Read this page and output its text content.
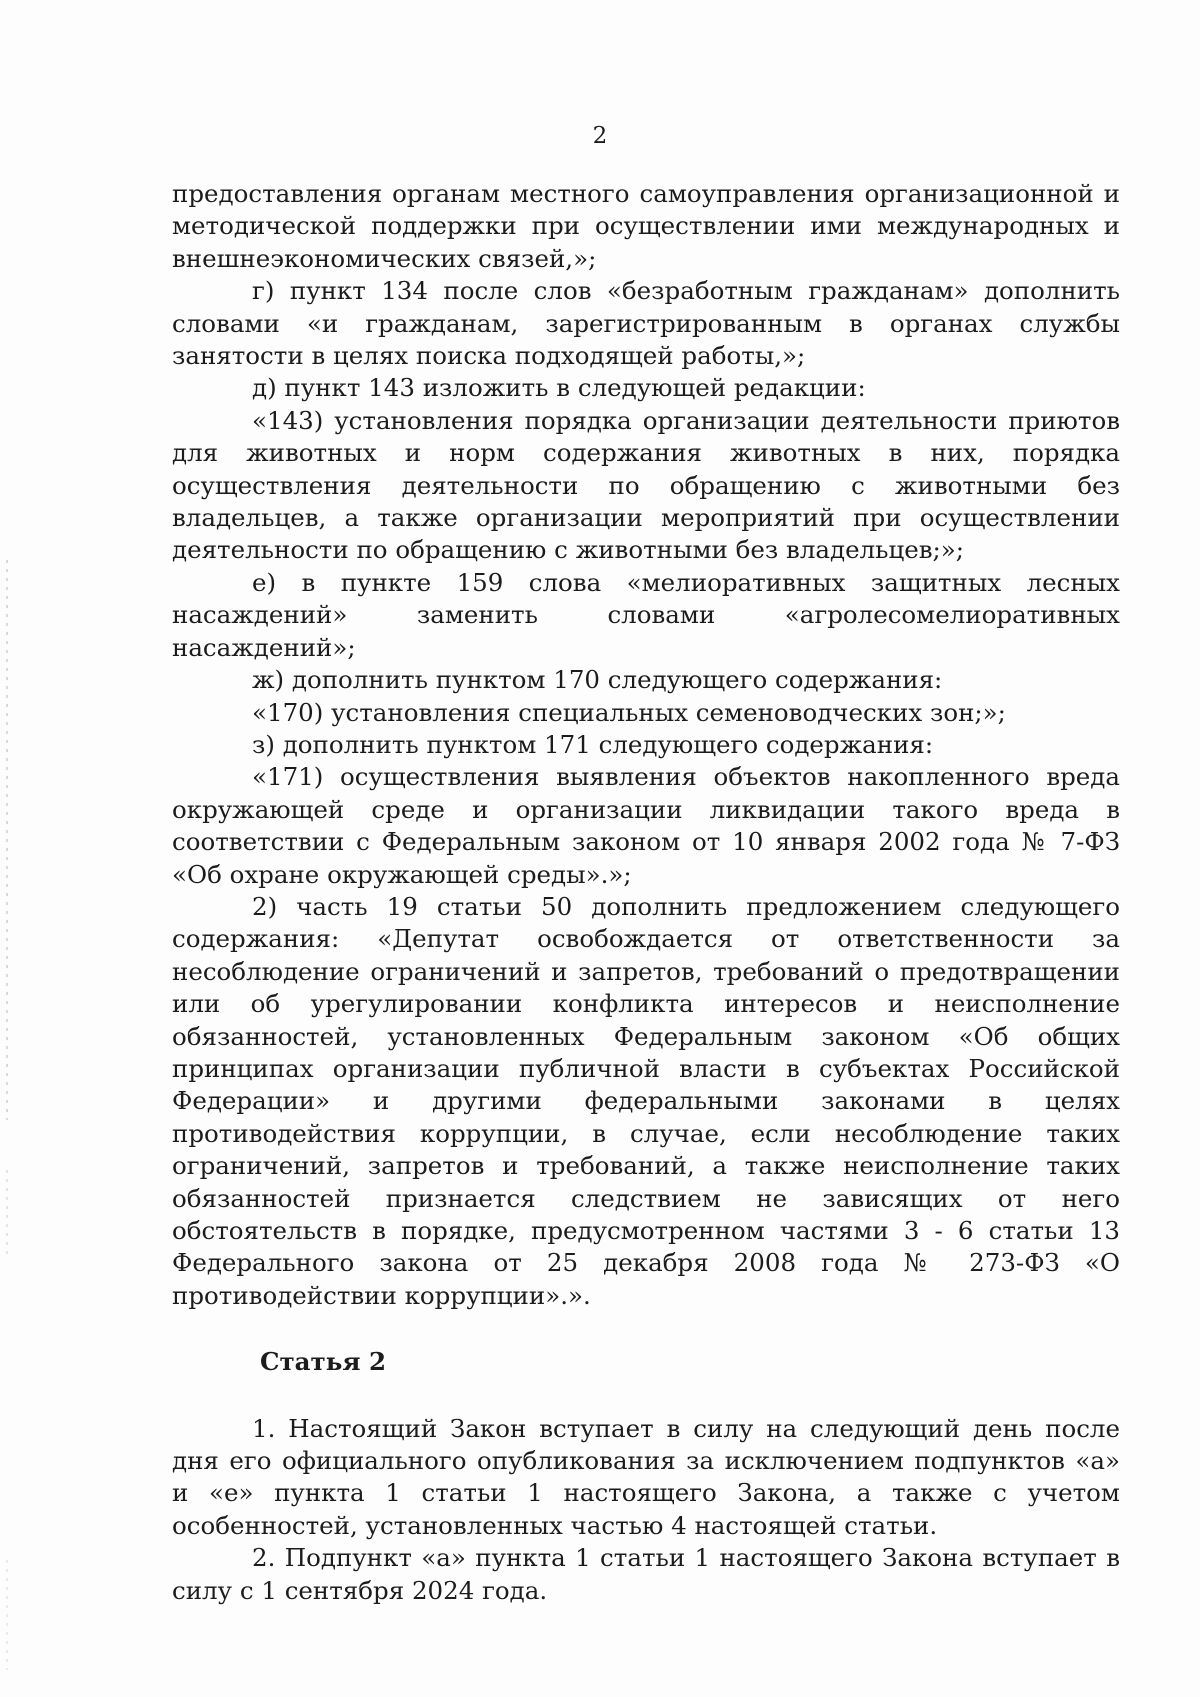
2

предоставления органам местного самоуправления организационной и методической поддержки при осуществлении ими международных и внешнеэкономических связей,»;

г) пункт 134 после слов «безработным гражданам» дополнить словами «и гражданам, зарегистрированным в органах службы занятости в целях поиска подходящей работы,»;

д) пункт 143 изложить в следующей редакции:

«143) установления порядка организации деятельности приютов для животных и норм содержания животных в них, порядка осуществления деятельности по обращению с животными без владельцев, а также организации мероприятий при осуществлении деятельности по обращению с животными без владельцев;»;

е) в пункте 159 слова «мелиоративных защитных лесных насаждений» заменить словами «агролесомелиоративных насаждений»;

ж) дополнить пунктом 170 следующего содержания:

«170) установления специальных семеноводческих зон;»;

з) дополнить пунктом 171 следующего содержания:

«171) осуществления выявления объектов накопленного вреда окружающей среде и организации ликвидации такого вреда в соответствии с Федеральным законом от 10 января 2002 года № 7-ФЗ «Об охране окружающей среды».»;

2) часть 19 статьи 50 дополнить предложением следующего содержания: «Депутат освобождается от ответственности за несоблюдение ограничений и запретов, требований о предотвращении или об урегулировании конфликта интересов и неисполнение обязанностей, установленных Федеральным законом «Об общих принципах организации публичной власти в субъектах Российской Федерации» и другими федеральными законами в целях противодействия коррупции, в случае, если несоблюдение таких ограничений, запретов и требований, а также неисполнение таких обязанностей признается следствием не зависящих от него обстоятельств в порядке, предусмотренном частями 3 - 6 статьи 13 Федерального закона от 25 декабря 2008 года № 273-ФЗ «О противодействии коррупции».».

Статья 2

1. Настоящий Закон вступает в силу на следующий день после дня его официального опубликования за исключением подпунктов «а» и «е» пункта 1 статьи 1 настоящего Закона, а также с учетом особенностей, установленных частью 4 настоящей статьи.

2. Подпункт «а» пункта 1 статьи 1 настоящего Закона вступает в силу с 1 сентября 2024 года.
